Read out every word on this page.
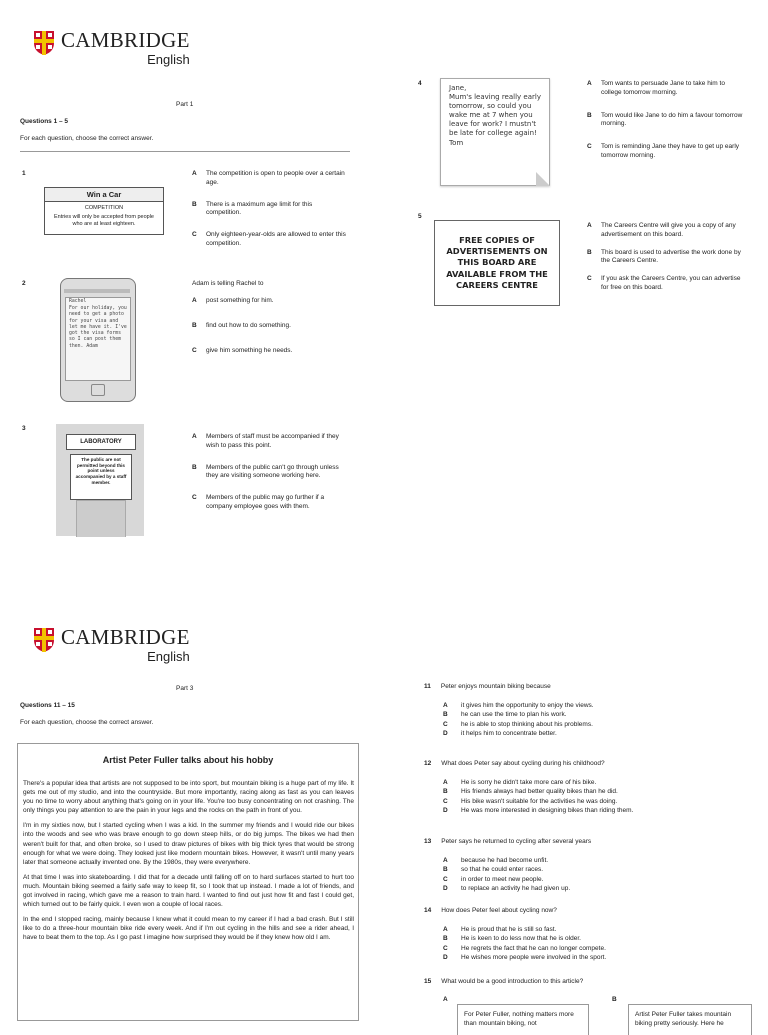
CAMBRIDGE
English
Part 1
Questions 1 – 5
For each question, choose the correct answer.
1
Win a Car
COMPETITION
Entries will only be accepted from people who are at least eighteen.
A	The competition is open to people over a certain age.
B	There is a maximum age limit for this competition.
C	Only eighteen-year-olds are allowed to enter this competition.
2
Rachel
For our holiday, you need to get a photo for your visa and let me have it. I've got the visa forms so I can post them then. Adam
Adam is telling Rachel to
A	post something for him.
B	find out how to do something.
C	give him something he needs.
3
LABORATORY
The public are not permitted beyond this point unless accompanied by a staff member.
A	Members of staff must be accompanied if they wish to pass this point.
B	Members of the public can't go through unless they are visiting someone working here.
C	Members of the public may go further if a company employee goes with them.
4
Jane,
Mum's leaving really early tomorrow, so could you wake me at 7 when you leave for work? I mustn't be late for college again!
Tom
A	Tom wants to persuade Jane to take him to college tomorrow morning.
B	Tom would like Jane to do him a favour tomorrow morning.
C	Tom is reminding Jane they have to get up early tomorrow morning.
5
FREE COPIES OF ADVERTISEMENTS ON THIS BOARD ARE AVAILABLE FROM THE CAREERS CENTRE
A	The Careers Centre will give you a copy of any advertisement on this board.
B	This board is used to advertise the work done by the Careers Centre.
C	If you ask the Careers Centre, you can advertise for free on this board.
CAMBRIDGE
English
Part 3
Questions 11 – 15
For each question, choose the correct answer.
Artist Peter Fuller talks about his hobby

There's a popular idea that artists are not supposed to be into sport, but mountain biking is a huge part of my life. It gets me out of my studio, and into the countryside. But more importantly, racing along as fast as you can leaves you no time to worry about anything that's going on in your life. You're too busy concentrating on not crashing. The only things you pay attention to are the pain in your legs and the rocks on the path in front of you.

I'm in my sixties now, but I started cycling when I was a kid. In the summer my friends and I would ride our bikes into the woods and see who was brave enough to go down steep hills, or do big jumps. The bikes we had then weren't built for that, and often broke, so I used to draw pictures of bikes with big thick tyres that would be strong enough for what we were doing. They looked just like modern mountain bikes. However, it wasn't until many years later that someone actually invented one. By the 1980s, they were everywhere.

At that time I was into skateboarding. I did that for a decade until falling off on to hard surfaces started to hurt too much. Mountain biking seemed a fairly safe way to keep fit, so I took that up instead. I made a lot of friends, and got involved in racing, which gave me a reason to train hard. I wanted to find out just how fit and fast I could get, which turned out to be fairly quick. I even won a couple of local races.

In the end I stopped racing, mainly because I knew what it could mean to my career if I had a bad crash. But I still like to do a three-hour mountain bike ride every week. And if I'm out cycling in the hills and see a rider ahead, I have to beat them to the top. As I go past I imagine how surprised they would be if they knew how old I am.

11 Peter enjoys mountain biking because
A	it gives him the opportunity to enjoy the views.
B	he can use the time to plan his work.
C	he is able to stop thinking about his problems.
D	it helps him to concentrate better.
12 What does Peter say about cycling during his childhood?
A	He is sorry he didn't take more care of his bike.
B	His friends always had better quality bikes than he did.
C	His bike wasn't suitable for the activities he was doing.
D	He was more interested in designing bikes than riding them.
13 Peter says he returned to cycling after several years
A	because he had become unfit.
B	so that he could enter races.
C	in order to meet new people.
D	to replace an activity he had given up.
14 How does Peter feel about cycling now?
A	He is proud that he is still so fast.
B	He is keen to do less now that he is older.
C	He regrets the fact that he can no longer compete.
D	He wishes more people were involved in the sport.
15 What would be a good introduction to this article?
A
For Peter Fuller, nothing matters more than mountain biking, not
B
Artist Peter Fuller takes mountain biking pretty seriously. Here he
